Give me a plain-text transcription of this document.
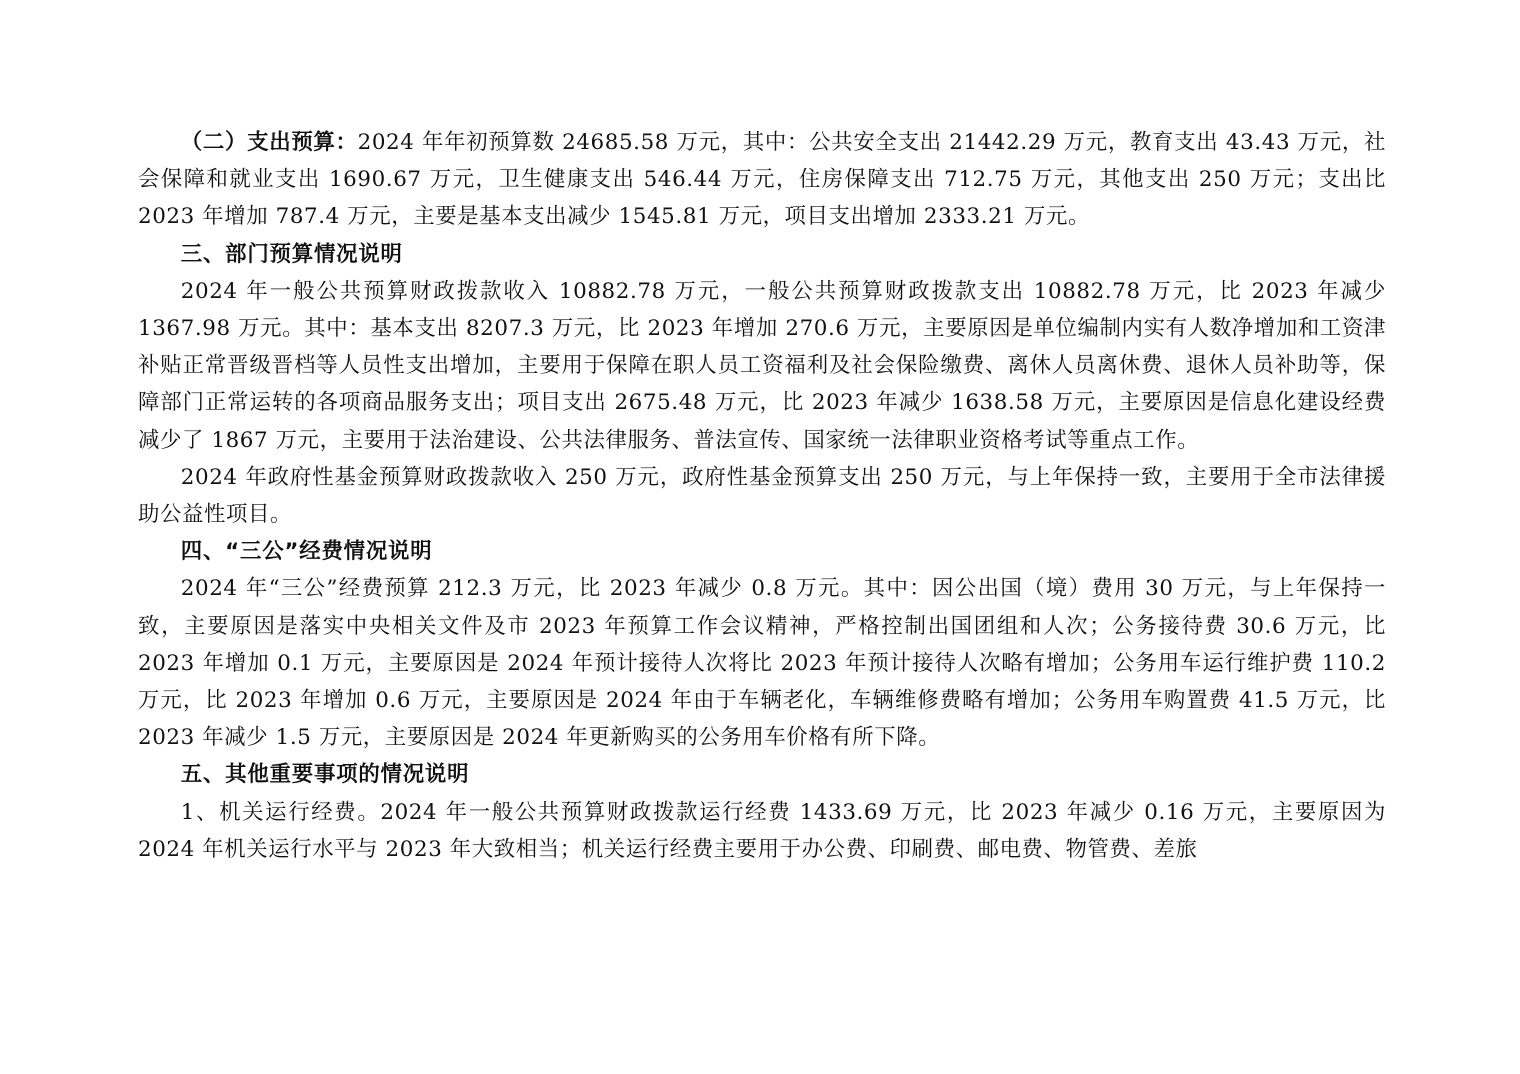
（二）支出预算：2024 年年初预算数 24685.58 万元，其中：公共安全支出 21442.29 万元，教育支出 43.43 万元，社会保障和就业支出 1690.67 万元，卫生健康支出 546.44 万元，住房保障支出 712.75 万元，其他支出 250 万元；支出比 2023 年增加 787.4 万元，主要是基本支出减少 1545.81 万元，项目支出增加 2333.21 万元。

三、部门预算情况说明

2024 年一般公共预算财政拨款收入 10882.78 万元，一般公共预算财政拨款支出 10882.78 万元，比 2023 年减少 1367.98 万元。其中：基本支出 8207.3 万元，比 2023 年增加 270.6 万元，主要原因是单位编制内实有人数净增加和工资津补贴正常晋级晋档等人员性支出增加，主要用于保障在职人员工资福利及社会保险缴费、离休人员离休费、退休人员补助等，保障部门正常运转的各项商品服务支出；项目支出 2675.48 万元，比 2023 年减少 1638.58 万元，主要原因是信息化建设经费减少了 1867 万元，主要用于法治建设、公共法律服务、普法宣传、国家统一法律职业资格考试等重点工作。

2024 年政府性基金预算财政拨款收入 250 万元，政府性基金预算支出 250 万元，与上年保持一致，主要用于全市法律援助公益性项目。

四、“三公”经费情况说明

2024 年“三公”经费预算 212.3 万元，比 2023 年减少 0.8 万元。其中：因公出国（境）费用 30 万元，与上年保持一致，主要原因是落实中央相关文件及市 2023 年预算工作会议精神，严格控制出国团组和人次；公务接待费 30.6 万元，比 2023 年增加 0.1 万元，主要原因是 2024 年预计接待人次将比 2023 年预计接待人次略有增加；公务用车运行维护费 110.2 万元，比 2023 年增加 0.6 万元，主要原因是 2024 年由于车辆老化，车辆维修费略有增加；公务用车购置费 41.5 万元，比 2023 年减少 1.5 万元，主要原因是 2024 年更新购买的公务用车价格有所下降。

五、其他重要事项的情况说明

1、机关运行经费。2024 年一般公共预算财政拨款运行经费 1433.69 万元，比 2023 年减少 0.16 万元，主要原因为 2024 年机关运行水平与 2023 年大致相当；机关运行经费主要用于办公费、印刷费、邮电费、物管费、差旅
